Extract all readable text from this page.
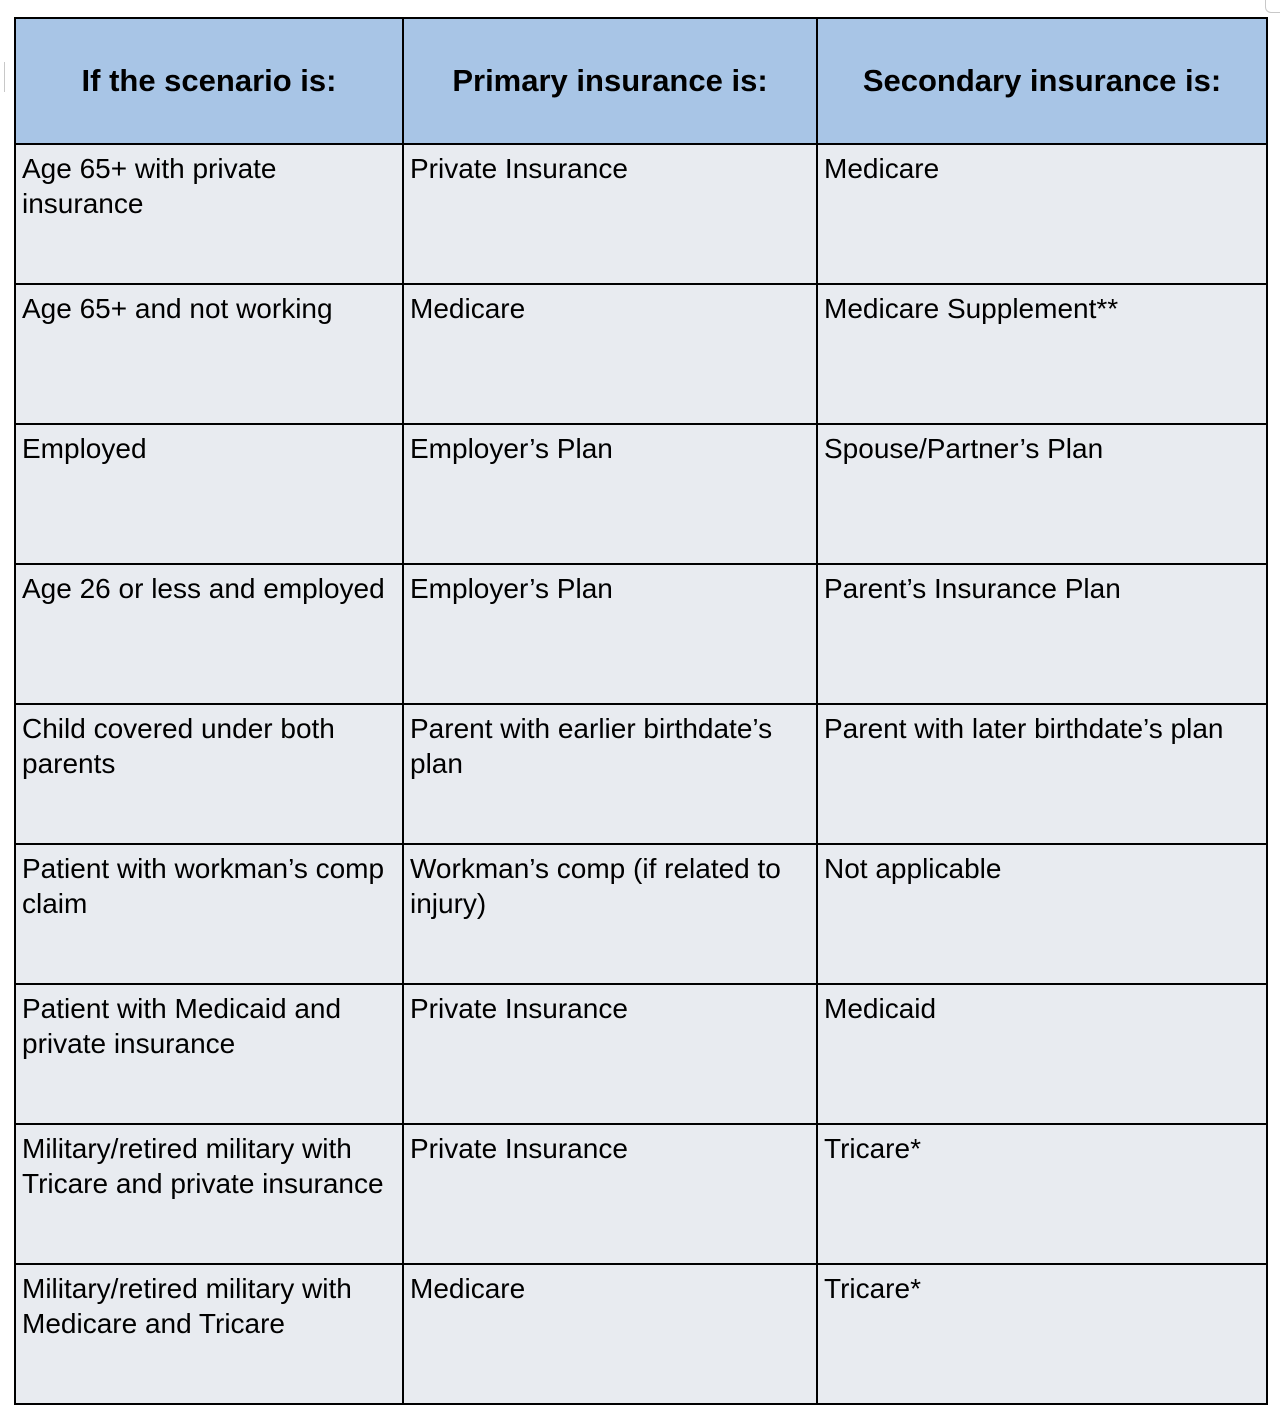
If the scenario is:	Primary insurance is:	Secondary insurance is:
Age 65+ with private insurance	Private Insurance	Medicare
Age 65+ and not working	Medicare	Medicare Supplement**
Employed	Employer’s Plan	Spouse/Partner’s Plan
Age 26 or less and employed	Employer’s Plan	Parent’s Insurance Plan
Child covered under both parents	Parent with earlier birthdate’s plan	Parent with later birthdate’s plan
Patient with workman’s comp claim	Workman’s comp (if related to injury)	Not applicable
Patient with Medicaid and private insurance	Private Insurance	Medicaid
Military/retired military with Tricare and private insurance	Private Insurance	Tricare*
Military/retired military with Medicare and Tricare	Medicare	Tricare*
